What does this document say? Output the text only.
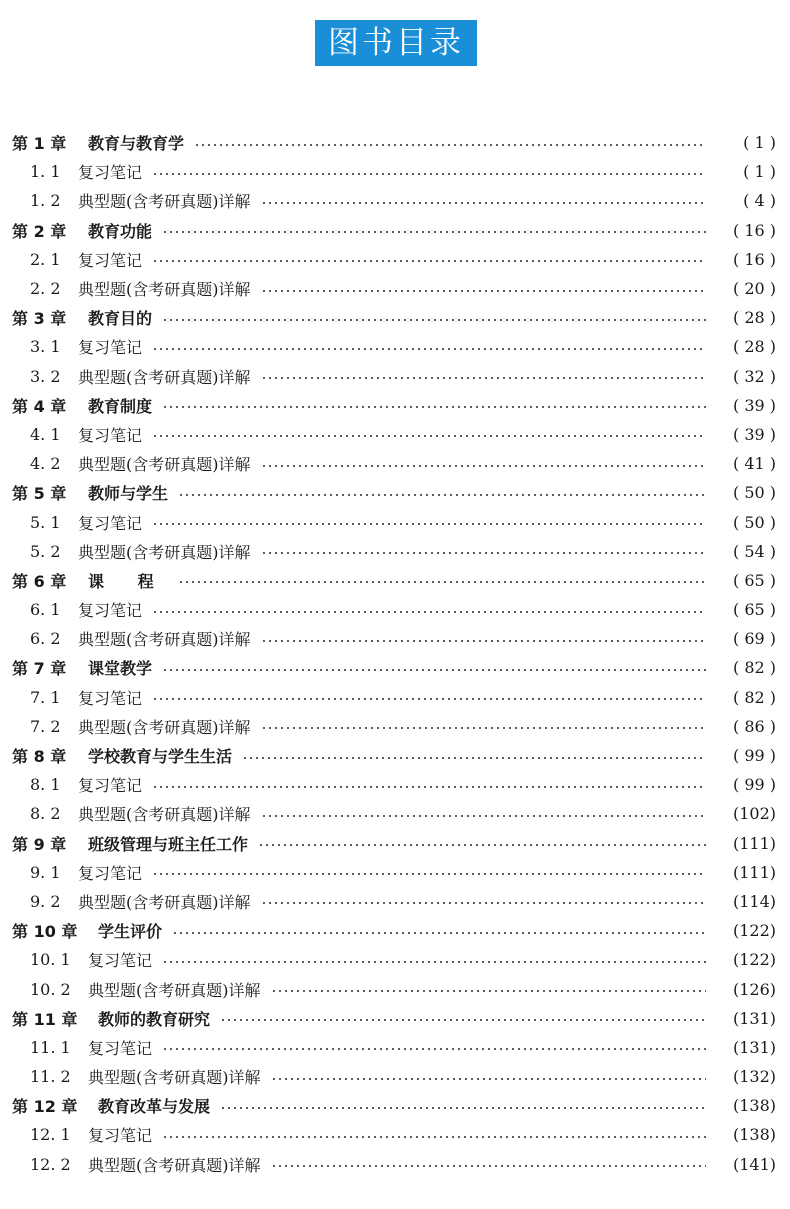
图书目录
第 1 章	教育与教育学	( 1 )
1. 1	复习笔记	( 1 )
1. 2	典型题(含考研真题)详解	( 4 )
第 2 章	教育功能	( 16 )
2. 1	复习笔记	( 16 )
2. 2	典型题(含考研真题)详解	( 20 )
第 3 章	教育目的	( 28 )
3. 1	复习笔记	( 28 )
3. 2	典型题(含考研真题)详解	( 32 )
第 4 章	教育制度	( 39 )
4. 1	复习笔记	( 39 )
4. 2	典型题(含考研真题)详解	( 41 )
第 5 章	教师与学生	( 50 )
5. 1	复习笔记	( 50 )
5. 2	典型题(含考研真题)详解	( 54 )
第 6 章	课 程	( 65 )
6. 1	复习笔记	( 65 )
6. 2	典型题(含考研真题)详解	( 69 )
第 7 章	课堂教学	( 82 )
7. 1	复习笔记	( 82 )
7. 2	典型题(含考研真题)详解	( 86 )
第 8 章	学校教育与学生生活	( 99 )
8. 1	复习笔记	( 99 )
8. 2	典型题(含考研真题)详解	(102)
第 9 章	班级管理与班主任工作	(111)
9. 1	复习笔记	(111)
9. 2	典型题(含考研真题)详解	(114)
第 10 章	学生评价	(122)
10. 1	复习笔记	(122)
10. 2	典型题(含考研真题)详解	(126)
第 11 章	教师的教育研究	(131)
11. 1	复习笔记	(131)
11. 2	典型题(含考研真题)详解	(132)
第 12 章	教育改革与发展	(138)
12. 1	复习笔记	(138)
12. 2	典型题(含考研真题)详解	(141)
